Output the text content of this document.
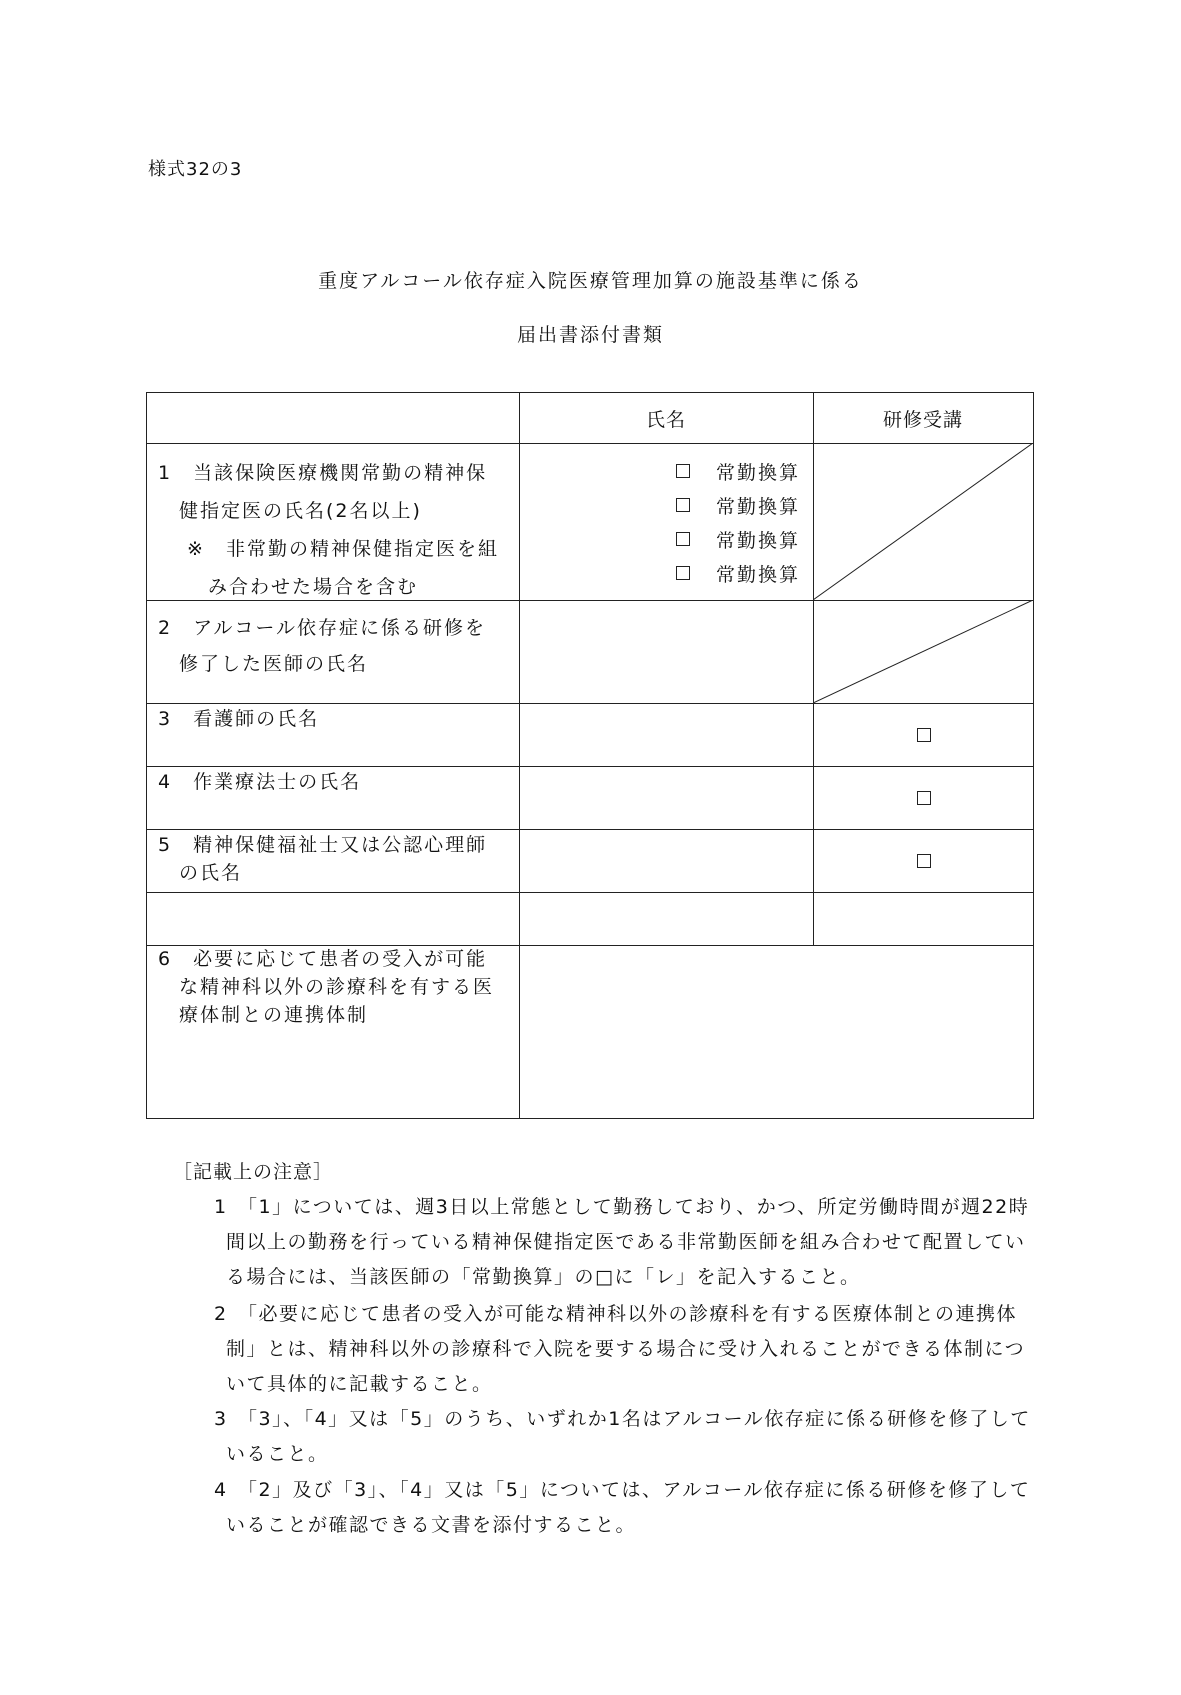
様式32の3
重度アルコール依存症入院医療管理加算の施設基準に係る
届出書添付書類
氏名	研修受講
1　当該保険医療機関常勤の精神保
　健指定医の氏名(2名以上)
　 ※　非常勤の精神保健指定医を組
　 　み合わせた場合を含む
常勤換算
常勤換算
常勤換算
常勤換算
2　アルコール依存症に係る研修を
　修了した医師の氏名
3　看護師の氏名
4　作業療法士の氏名
5　精神保健福祉士又は公認心理師
　の氏名
6　必要に応じて患者の受入が可能
　な精神科以外の診療科を有する医
　療体制との連携体制
［記載上の注意］
1 「1」については、週3日以上常態として勤務しており、かつ、所定労働時間が週22時間以上の勤務を行っている精神保健指定医である非常勤医師を組み合わせて配置している場合には、当該医師の「常勤換算」の□に「レ」を記入すること。
2 「必要に応じて患者の受入が可能な精神科以外の診療科を有する医療体制との連携体制」とは、精神科以外の診療科で入院を要する場合に受け入れることができる体制について具体的に記載すること。
3 「3」、「4」又は「5」のうち、いずれか1名はアルコール依存症に係る研修を修了していること。
4 「2」及び「3」、「4」又は「5」については、アルコール依存症に係る研修を修了していることが確認できる文書を添付すること。
